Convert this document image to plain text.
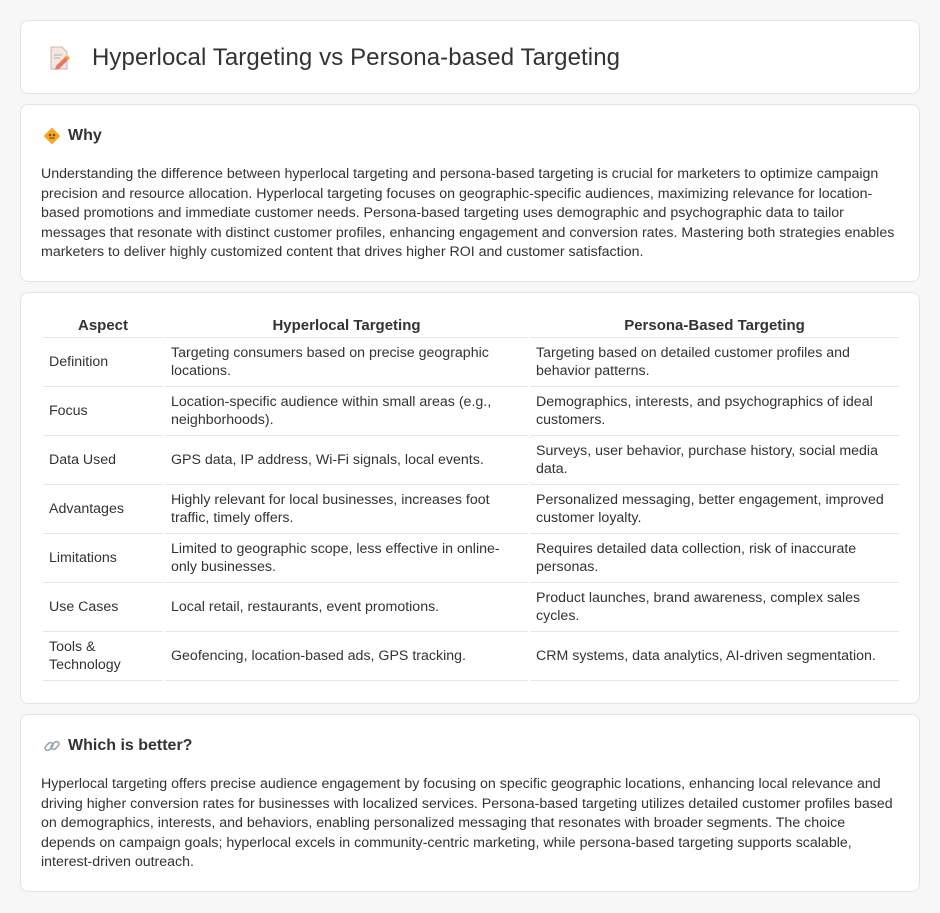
Hyperlocal Targeting vs Persona-based Targeting
Why

Understanding the difference between hyperlocal targeting and persona-based targeting is crucial for marketers to optimize campaign precision and resource allocation. Hyperlocal targeting focuses on geographic-specific audiences, maximizing relevance for location-based promotions and immediate customer needs. Persona-based targeting uses demographic and psychographic data to tailor messages that resonate with distinct customer profiles, enhancing engagement and conversion rates. Mastering both strategies enables marketers to deliver highly customized content that drives higher ROI and customer satisfaction.

Aspect	Hyperlocal Targeting	Persona-Based Targeting
Definition	Targeting consumers based on precise geographic locations.	Targeting based on detailed customer profiles and behavior patterns.
Focus	Location-specific audience within small areas (e.g., neighborhoods).	Demographics, interests, and psychographics of ideal customers.
Data Used	GPS data, IP address, Wi-Fi signals, local events.	Surveys, user behavior, purchase history, social media data.
Advantages	Highly relevant for local businesses, increases foot traffic, timely offers.	Personalized messaging, better engagement, improved customer loyalty.
Limitations	Limited to geographic scope, less effective in online-only businesses.	Requires detailed data collection, risk of inaccurate personas.
Use Cases	Local retail, restaurants, event promotions.	Product launches, brand awareness, complex sales cycles.
Tools & Technology	Geofencing, location-based ads, GPS tracking.	CRM systems, data analytics, AI-driven segmentation.
Which is better?

Hyperlocal targeting offers precise audience engagement by focusing on specific geographic locations, enhancing local relevance and driving higher conversion rates for businesses with localized services. Persona-based targeting utilizes detailed customer profiles based on demographics, interests, and behaviors, enabling personalized messaging that resonates with broader segments. The choice depends on campaign goals; hyperlocal excels in community-centric marketing, while persona-based targeting supports scalable, interest-driven outreach.
